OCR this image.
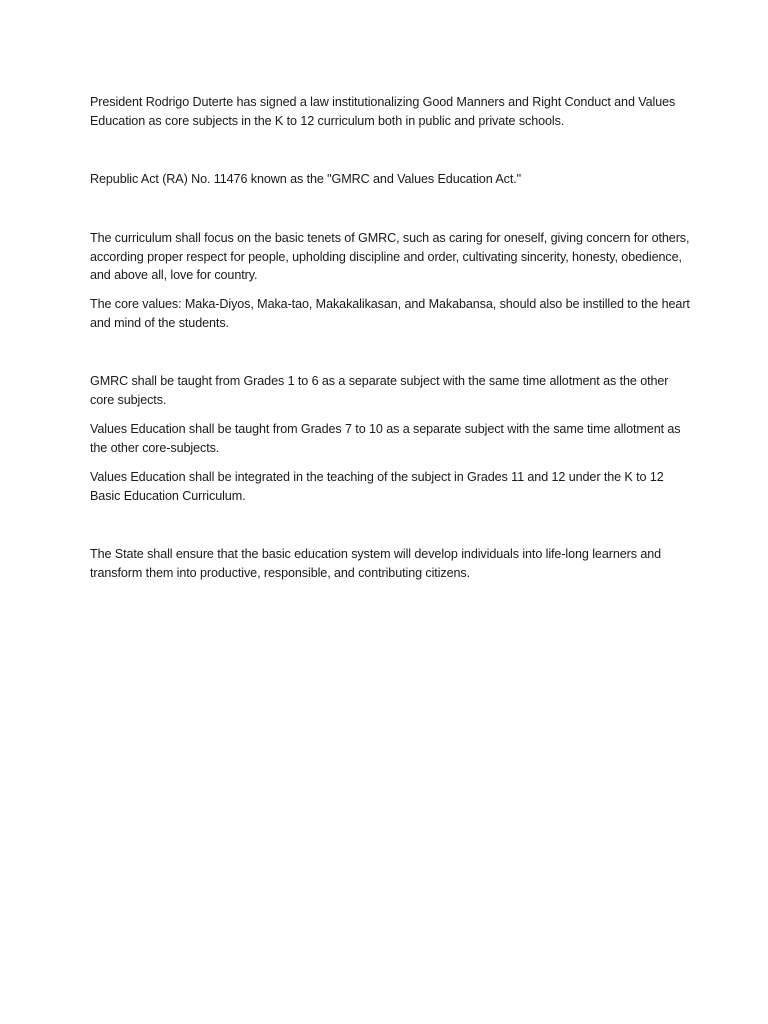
President Rodrigo Duterte has signed a law institutionalizing Good Manners and Right Conduct and Values Education as core subjects in the K to 12 curriculum both in public and private schools.

Republic Act (RA) No. 11476 known as the "GMRC and Values Education Act."

The curriculum shall focus on the basic tenets of GMRC, such as caring for oneself, giving concern for others, according proper respect for people, upholding discipline and order, cultivating sincerity, honesty, obedience, and above all, love for country.

The core values: Maka-Diyos, Maka-tao, Makakalikasan, and Makabansa, should also be instilled to the heart and mind of the students.

GMRC shall be taught from Grades 1 to 6 as a separate subject with the same time allotment as the other core subjects.

Values Education shall be taught from Grades 7 to 10 as a separate subject with the same time allotment as the other core-subjects.

Values Education shall be integrated in the teaching of the subject in Grades 11 and 12 under the K to 12 Basic Education Curriculum.

The State shall ensure that the basic education system will develop individuals into life-long learners and transform them into productive, responsible, and contributing citizens.
